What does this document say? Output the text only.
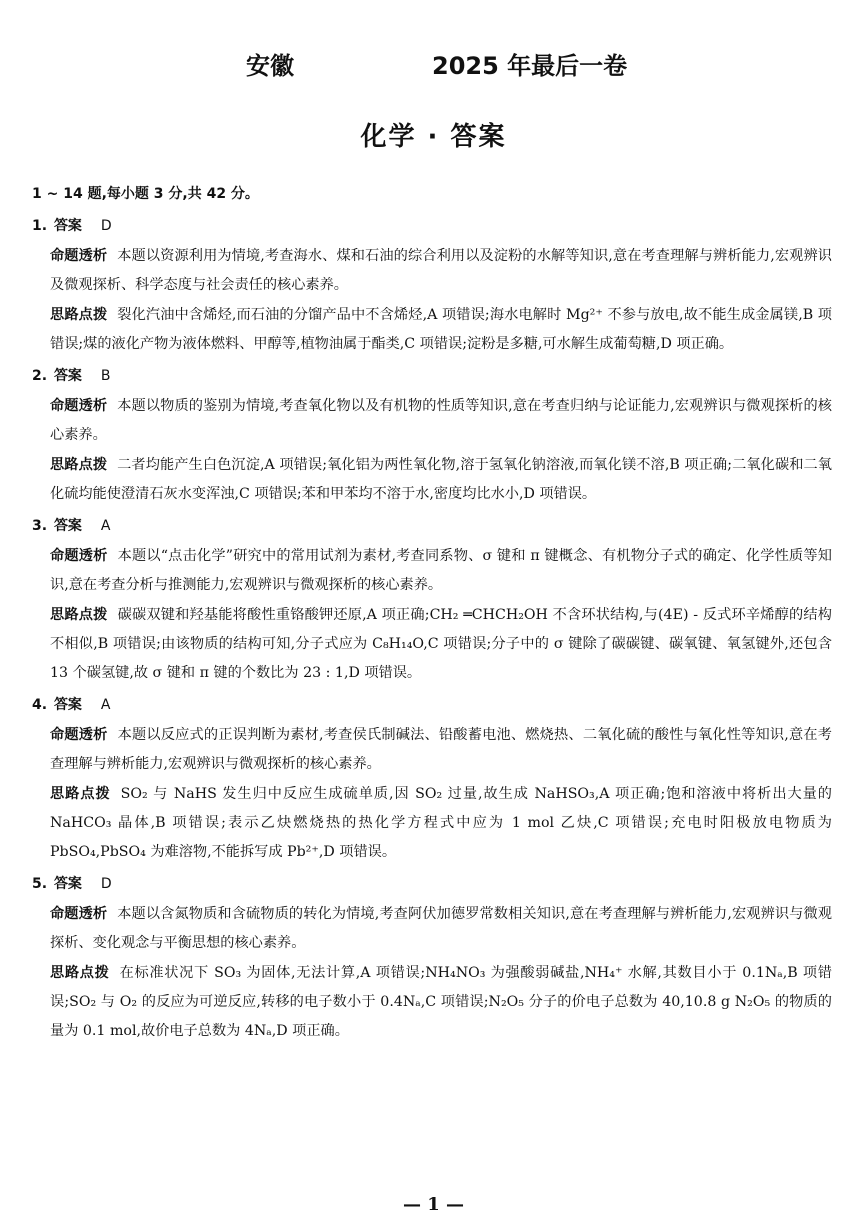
安徽	2025 年最后一卷
化学 · 答案
1 ~ 14 题,每小题 3 分,共 42 分。
1. 答案 D
命题透析 本题以资源利用为情境,考查海水、煤和石油的综合利用以及淀粉的水解等知识,意在考查理解与辨析能力,宏观辨识及微观探析、科学态度与社会责任的核心素养。
思路点拨 裂化汽油中含烯烃,而石油的分馏产品中不含烯烃,A 项错误;海水电解时 Mg²⁺ 不参与放电,故不能生成金属镁,B 项错误;煤的液化产物为液体燃料、甲醇等,植物油属于酯类,C 项错误;淀粉是多糖,可水解生成葡萄糖,D 项正确。
2. 答案 B
命题透析 本题以物质的鉴别为情境,考查氧化物以及有机物的性质等知识,意在考查归纳与论证能力,宏观辨识与微观探析的核心素养。
思路点拨 二者均能产生白色沉淀,A 项错误;氧化铝为两性氧化物,溶于氢氧化钠溶液,而氧化镁不溶,B 项正确;二氧化碳和二氧化硫均能使澄清石灰水变浑浊,C 项错误;苯和甲苯均不溶于水,密度均比水小,D 项错误。
3. 答案 A
命题透析 本题以“点击化学”研究中的常用试剂为素材,考查同系物、σ 键和 π 键概念、有机物分子式的确定、化学性质等知识,意在考查分析与推测能力,宏观辨识与微观探析的核心素养。
思路点拨 碳碳双键和羟基能将酸性重铬酸钾还原,A 项正确;CH₂ ═CHCH₂OH 不含环状结构,与(4E) - 反式环辛烯醇的结构不相似,B 项错误;由该物质的结构可知,分子式应为 C₈H₁₄O,C 项错误;分子中的 σ 键除了碳碳键、碳氧键、氧氢键外,还包含 13 个碳氢键,故 σ 键和 π 键的个数比为 23 : 1,D 项错误。
4. 答案 A
命题透析 本题以反应式的正误判断为素材,考查侯氏制碱法、铅酸蓄电池、燃烧热、二氧化硫的酸性与氧化性等知识,意在考查理解与辨析能力,宏观辨识与微观探析的核心素养。
思路点拨 SO₂ 与 NaHS 发生归中反应生成硫单质,因 SO₂ 过量,故生成 NaHSO₃,A 项正确;饱和溶液中将析出大量的 NaHCO₃ 晶体,B 项错误;表示乙炔燃烧热的热化学方程式中应为 1 mol 乙炔,C 项错误;充电时阳极放电物质为 PbSO₄,PbSO₄ 为难溶物,不能拆写成 Pb²⁺,D 项错误。
5. 答案 D
命题透析 本题以含氮物质和含硫物质的转化为情境,考查阿伏加德罗常数相关知识,意在考查理解与辨析能力,宏观辨识与微观探析、变化观念与平衡思想的核心素养。
思路点拨 在标准状况下 SO₃ 为固体,无法计算,A 项错误;NH₄NO₃ 为强酸弱碱盐,NH₄⁺ 水解,其数目小于 0.1Nₐ,B 项错误;SO₂ 与 O₂ 的反应为可逆反应,转移的电子数小于 0.4Nₐ,C 项错误;N₂O₅ 分子的价电子总数为 40,10.8 g N₂O₅ 的物质的量为 0.1 mol,故价电子总数为 4Nₐ,D 项正确。
— 1 —
